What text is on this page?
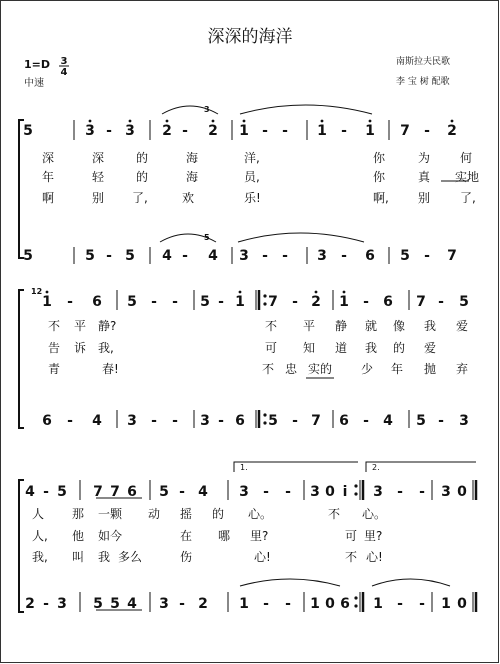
深深的海洋
1=D 3
4
中速
南斯拉夫民歌
李 宝 树 配歌
5	3 - 3 2 - 2 1 - - 1 - 1 7 - 2
5	5 - 5 4 - 4 3 - - 3 - 6 5 - 7
深	深	的	海	洋,	你	为 何
年	轻	的	海	员,	你	真 实地
啊	别 了,	欢	乐!	啊, 别 了,
3
5
12
1 - 6 5 - - 5 - 1 7 - 2 1 - 6 7 - 5
6 - 4 3 - - 3 - 6 5 - 7 6 - 4 5 - 3
不 平 静?	不 平 静 就 像 我 爱
告 诉 我,	可 知 道 我 的 爱
青	春!	不 忠 实的 少 年 抛 弃
1.	2.
4 - 5 7 7 6 5 - 4 3 - - 3 0 i 3 - - 3 0
2 - 3 5 5 4 3 - 2 1 - - 1 0 6 1 - - 1 0
人 那 一颗 动 摇 的 心。	不 心。
人, 他 如今	在 哪 里?	可 里?
我, 叫 我 多么	伤	心!	不 心!
